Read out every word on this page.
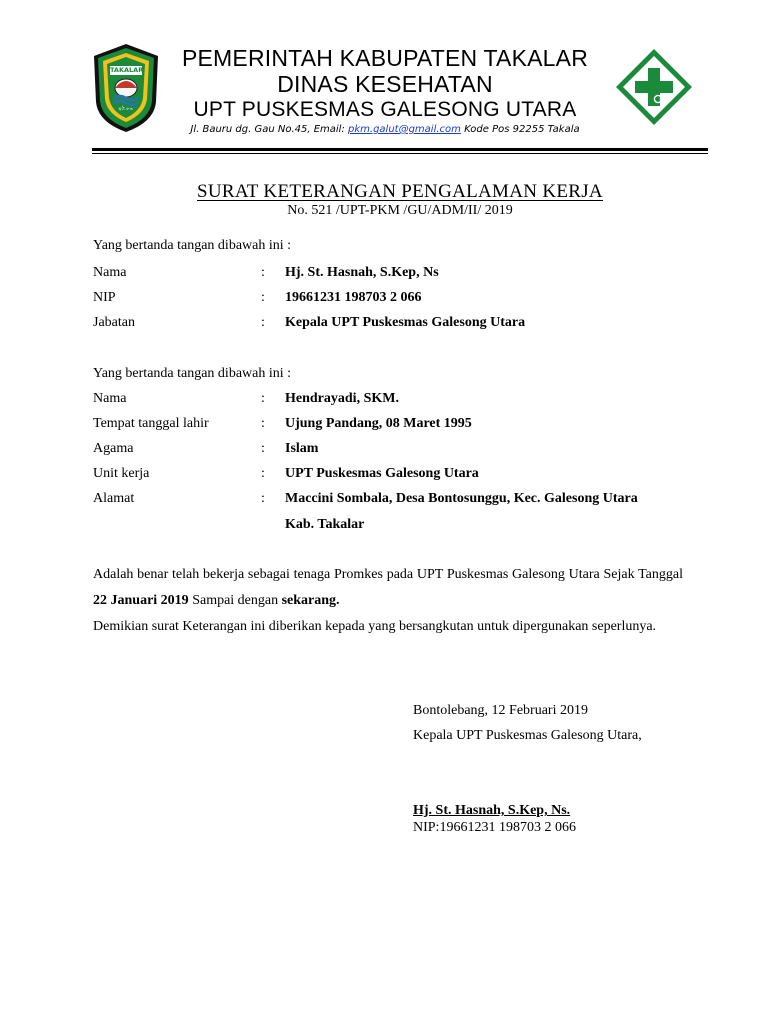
TAKALAR
ᨔᨘᨅᨛᨀᨊ
PEMERINTAH KABUPATEN TAKALAR
DINAS KESEHATAN
UPT PUSKESMAS GALESONG UTARA
Jl. Bauru dg. Gau No.45, Email: pkm.galut@gmail.com Kode Pos 92255 Takala
SURAT KETERANGAN PENGALAMAN KERJA
No. 521 /UPT-PKM /GU/ADM/II/ 2019
Yang bertanda tangan dibawah ini :
Nama	: Hj. St. Hasnah, S.Kep, Ns
NIP	: 19661231 198703 2 066
Jabatan	: Kepala UPT Puskesmas Galesong Utara
Yang bertanda tangan dibawah ini :
Nama	: Hendrayadi, SKM.
Tempat tanggal lahir	: Ujung Pandang, 08 Maret 1995
Agama	: Islam
Unit kerja	: UPT Puskesmas Galesong Utara
Alamat	: Maccini Sombala, Desa Bontosunggu, Kec. Galesong Utara
Kab. Takalar
Adalah benar telah bekerja sebagai tenaga Promkes pada UPT Puskesmas Galesong Utara Sejak Tanggal 22 Januari 2019 Sampai dengan sekarang.
Demikian surat Keterangan ini diberikan kepada yang bersangkutan untuk dipergunakan seperlunya.
Bontolebang, 12 Februari 2019
Kepala UPT Puskesmas Galesong Utara,
Hj. St. Hasnah, S.Kep, Ns.
NIP:19661231 198703 2 066
